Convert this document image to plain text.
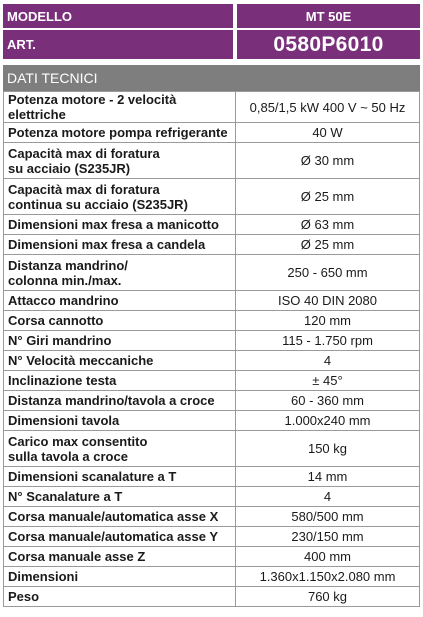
MODELLO	MT 50E
ART.	0580P6010
DATI TECNICI
Potenza motore - 2 velocità elettriche	0,85/1,5 kW 400 V ~ 50 Hz
Potenza motore pompa refrigerante	40 W
Capacità max di foratura
su acciaio (S235JR)	Ø 30 mm
Capacità max di foratura
continua su acciaio (S235JR)	Ø 25 mm
Dimensioni max fresa a manicotto	Ø 63 mm
Dimensioni max fresa a candela	Ø 25 mm
Distanza mandrino/
colonna min./max.	250 - 650 mm
Attacco mandrino	ISO 40 DIN 2080
Corsa cannotto	120 mm
N° Giri mandrino	115 - 1.750 rpm
N° Velocità meccaniche	4
Inclinazione testa	± 45°
Distanza mandrino/tavola a croce	60 - 360 mm
Dimensioni tavola	1.000x240 mm
Carico max consentito
sulla tavola a croce	150 kg
Dimensioni scanalature a T	14 mm
N° Scanalature a T	4
Corsa manuale/automatica asse X	580/500 mm
Corsa manuale/automatica asse Y	230/150 mm
Corsa manuale asse Z	400 mm
Dimensioni	1.360x1.150x2.080 mm
Peso	760 kg
